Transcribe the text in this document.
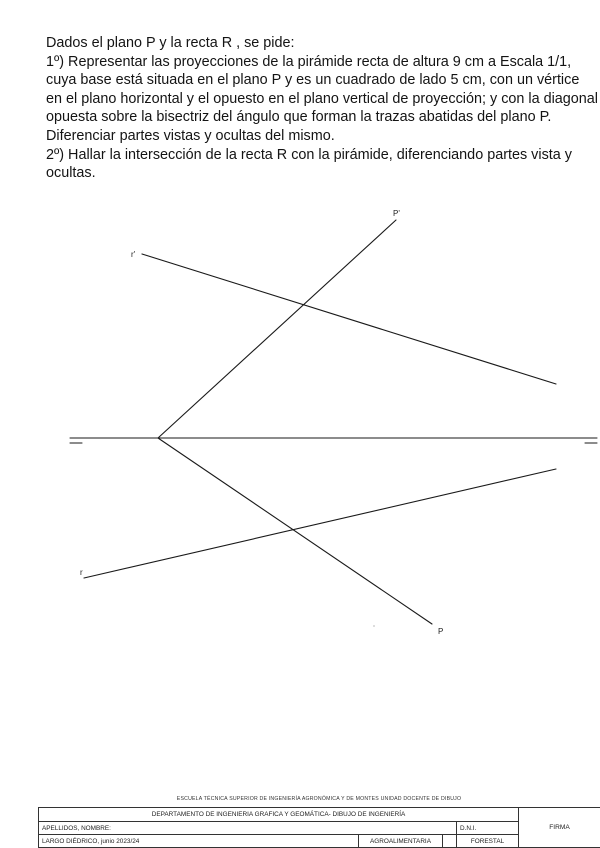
Dados el plano P y la recta R , se pide:

1º) Representar las proyecciones de la pirámide recta de altura 9 cm a Escala 1/1, cuya base está situada en el plano P y es un cuadrado de lado 5 cm, con un vértice en el plano horizontal y el opuesto en el plano vertical de proyección; y con la diagonal opuesta sobre la bisectriz del ángulo que forman la trazas abatidas del plano P. Diferenciar partes vistas y ocultas del mismo.

2º) Hallar la intersección de la recta R con la pirámide, diferenciando partes vista y ocultas.

P'
r'
r
P
ESCUELA TÉCNICA SUPERIOR DE INGENIERÍA AGRONÓMICA Y DE MONTES UNIDAD DOCENTE DE DIBUJO
DEPARTAMENTO DE INGENIERIA GRAFICA Y GEOMÁTICA- DIBUJO DE INGENIERÍA				FIRMA
APELLIDOS, NOMBRE:			D.N.I.	
LARGO DIÉDRICO, junio 2023/24	AGROALIMENTARIA		FORESTAL	
